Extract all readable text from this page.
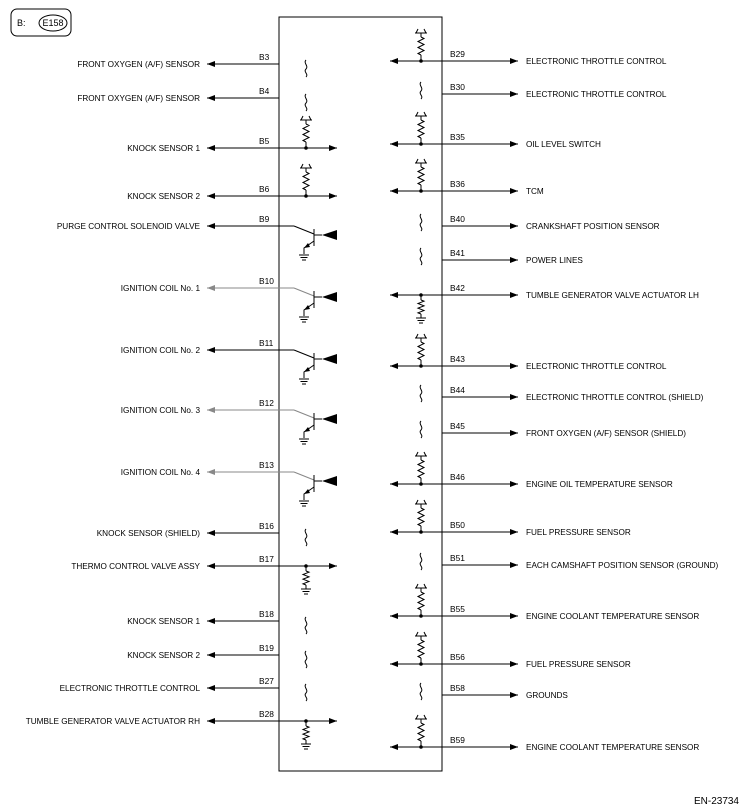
B: E158
FRONT OXYGEN (A/F) SENSOR
B3
FRONT OXYGEN (A/F) SENSOR
B4
KNOCK SENSOR 1
B5
KNOCK SENSOR 2
B6
PURGE CONTROL SOLENOID VALVE
B9
IGNITION COIL No. 1
B10
IGNITION COIL No. 2
B11
IGNITION COIL No. 3
B12
IGNITION COIL No. 4
B13
KNOCK SENSOR (SHIELD)
B16
THERMO CONTROL VALVE ASSY
B17
KNOCK SENSOR 1
B18
KNOCK SENSOR 2
B19
ELECTRONIC THROTTLE CONTROL
B27
TUMBLE GENERATOR VALVE ACTUATOR RH
B28
ELECTRONIC THROTTLE CONTROL
B29
ELECTRONIC THROTTLE CONTROL
B30
OIL LEVEL SWITCH
B35
TCM
B36
CRANKSHAFT POSITION SENSOR
B40
POWER LINES
B41
TUMBLE GENERATOR VALVE ACTUATOR LH
B42
ELECTRONIC THROTTLE CONTROL
B43
ELECTRONIC THROTTLE CONTROL (SHIELD)
B44
FRONT OXYGEN (A/F) SENSOR (SHIELD)
B45
ENGINE OIL TEMPERATURE SENSOR
B46
FUEL PRESSURE SENSOR
B50
EACH CAMSHAFT POSITION SENSOR (GROUND)
B51
ENGINE COOLANT TEMPERATURE SENSOR
B55
FUEL PRESSURE SENSOR
B56
GROUNDS
B58
ENGINE COOLANT TEMPERATURE SENSOR
B59
EN-23734
